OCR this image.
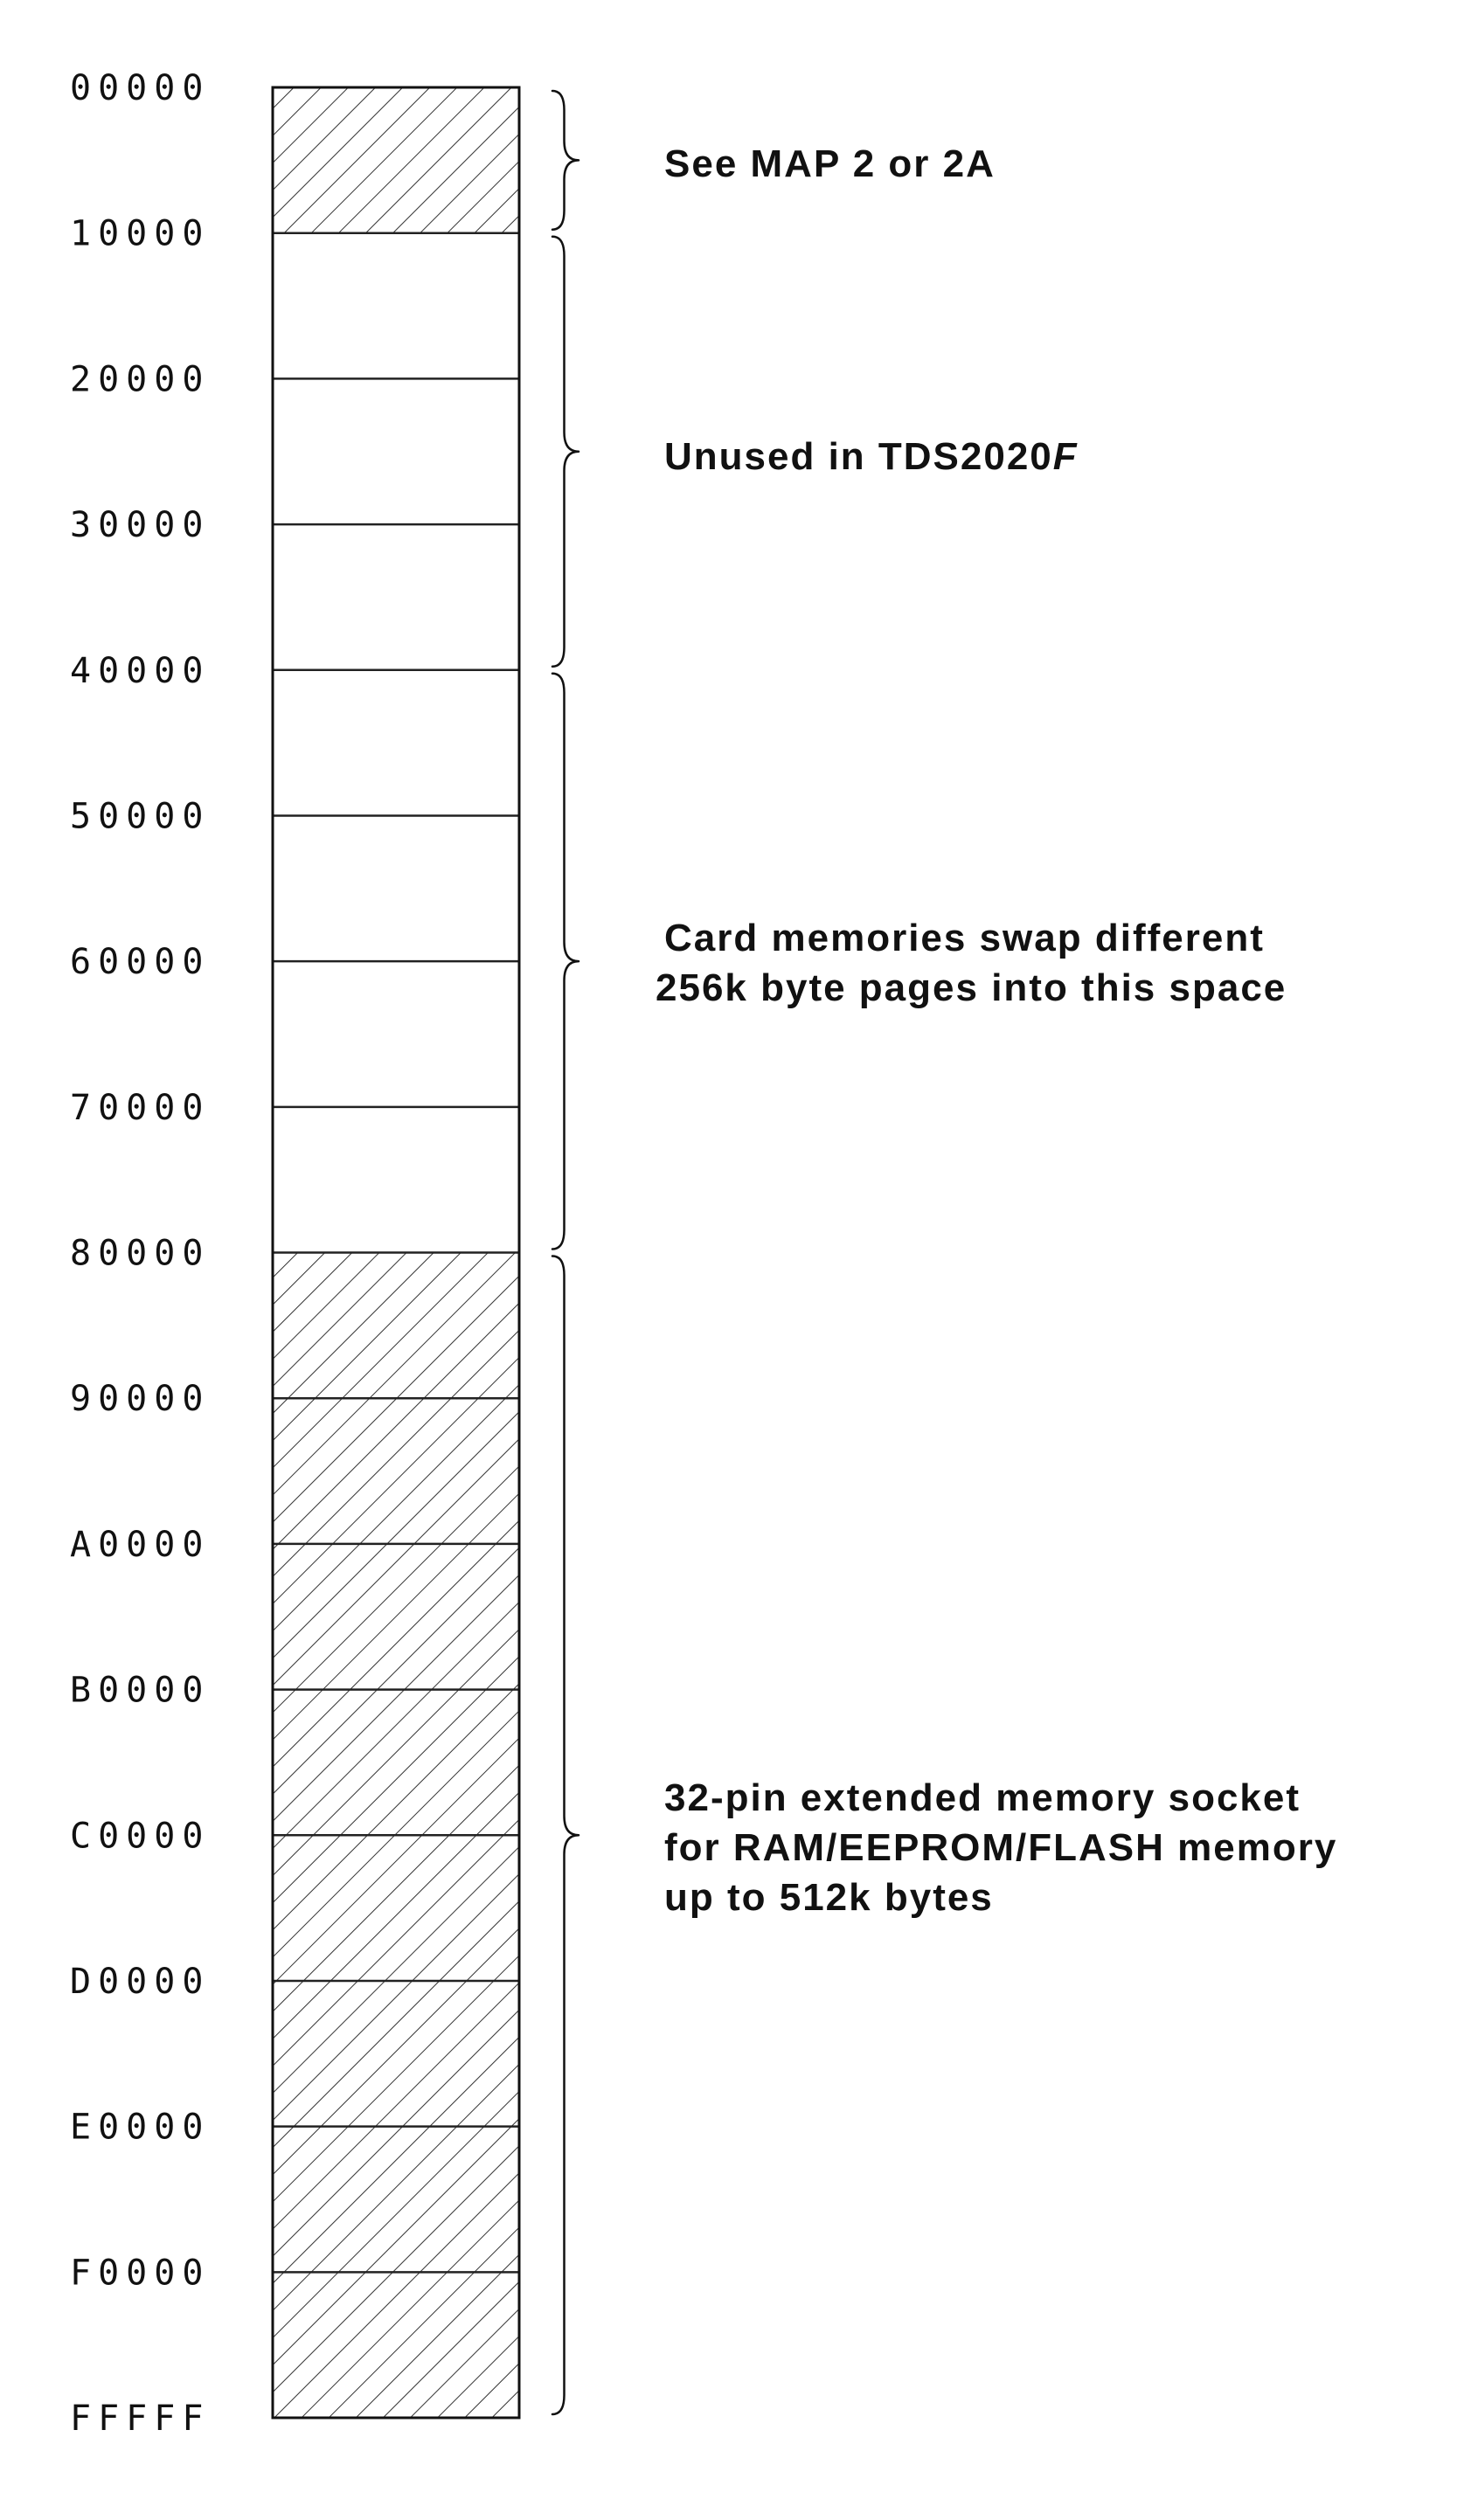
00000
10000
20000
30000
40000
50000
60000
70000
80000
90000
A0000
B0000
C0000
D0000
E0000
F0000
FFFFF
See MAP 2 or 2A
Unused in TDS2020F
Card memories swap different 256k byte pages into this space
32-pin extended memory socket for RAM/EEPROM/FLASH memory up to 512k bytes
